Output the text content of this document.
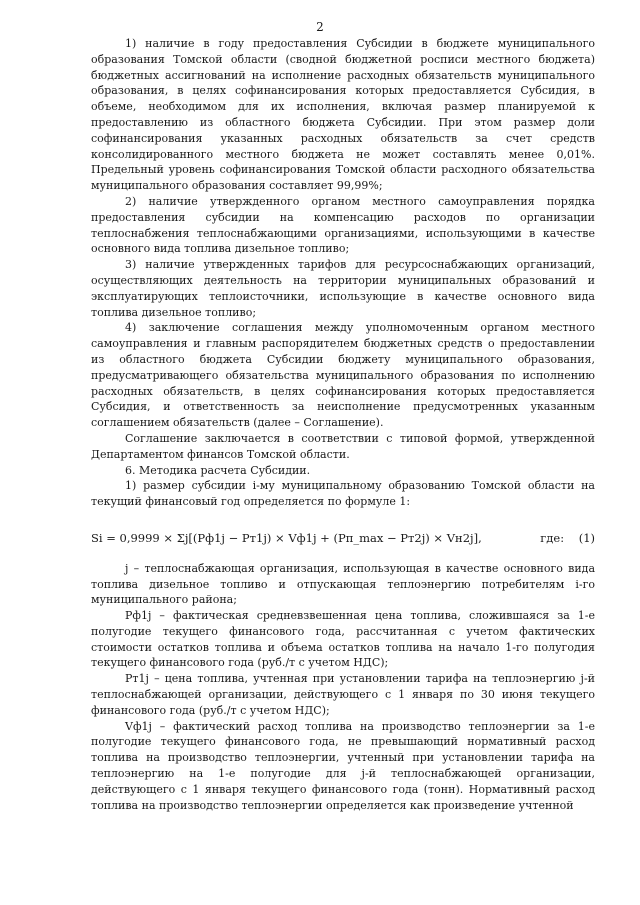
2

1) наличие в году предоставления Субсидии в бюджете муниципального образования Томской области (сводной бюджетной росписи местного бюджета) бюджетных ассигнований на исполнение расходных обязательств муниципального образования, в целях софинансирования которых предоставляется Субсидия, в объеме, необходимом для их исполнения, включая размер планируемой к предоставлению из областного бюджета Субсидии. При этом размер доли софинансирования указанных расходных обязательств за счет средств консолидированного местного бюджета не может составлять менее 0,01%. Предельный уровень софинансирования Томской области расходного обязательства муниципального образования составляет 99,99%;

2) наличие утвержденного органом местного самоуправления порядка предоставления субсидии на компенсацию расходов по организации теплоснабжения теплоснабжающими организациями, использующими в качестве основного вида топлива дизельное топливо;

3) наличие утвержденных тарифов для ресурсоснабжающих организаций, осуществляющих деятельность на территории муниципальных образований и эксплуатирующих теплоисточники, использующие в качестве основного вида топлива дизельное топливо;

4) заключение соглашения между уполномоченным органом местного самоуправления и главным распорядителем бюджетных средств о предоставлении из областного бюджета Субсидии бюджету муниципального образования, предусматривающего обязательства муниципального образования по исполнению расходных обязательств, в целях софинансирования которых предоставляется Субсидия, и ответственность за неисполнение предусмотренных указанным соглашением обязательств (далее – Соглашение).

Соглашение заключается в соответствии с типовой формой, утвержденной Департаментом финансов Томской области.

6. Методика расчета Субсидии.

1) размер субсидии i-му муниципальному образованию Томской области на текущий финансовый год определяется по формуле 1:

Si = 0,9999 × Σj[(Pф1j − Pт1j) × Vф1j + (Pп_max − Pт2j) × Vн2j],	где: (1)

j – теплоснабжающая организация, использующая в качестве основного вида топлива дизельное топливо и отпускающая теплоэнергию потребителям i-го муниципального района;

Pф1j – фактическая средневзвешенная цена топлива, сложившаяся за 1-е полугодие текущего финансового года, рассчитанная с учетом фактических стоимости остатков топлива и объема остатков топлива на начало 1-го полугодия текущего финансового года (руб./т с учетом НДС);

Pт1j – цена топлива, учтенная при установлении тарифа на теплоэнергию j-й теплоснабжающей организации, действующего с 1 января по 30 июня текущего финансового года (руб./т с учетом НДС);

Vф1j – фактический расход топлива на производство теплоэнергии за 1-е полугодие текущего финансового года, не превышающий нормативный расход топлива на производство теплоэнергии, учтенный при установлении тарифа на теплоэнергию на 1-е полугодие для j-й теплоснабжающей организации, действующего с 1 января текущего финансового года (тонн). Нормативный расход топлива на производство теплоэнергии определяется как произведение учтенной
